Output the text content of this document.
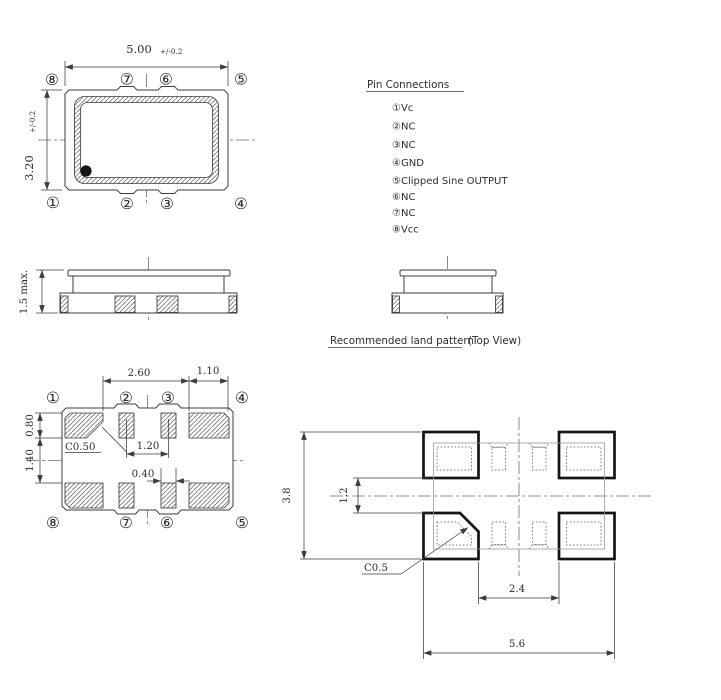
5.00 +/-0.2
3.20
+/-0.2
⑧	⑦ ⑥	⑤
①	② ③	④
Pin Connections
①Vc
②NC
③NC
④GND
⑤Clipped Sine OUTPUT
⑥NC
⑦NC
⑧Vcc
1.5 max.
Recommended land pattern
(Top View)
2.60	1.10
0.80
1.40
C0.50	1.20
0.40
①	② ③	④
⑧	⑦ ⑥	⑤
3.8	1.2
C0.5
2.4
5.6
